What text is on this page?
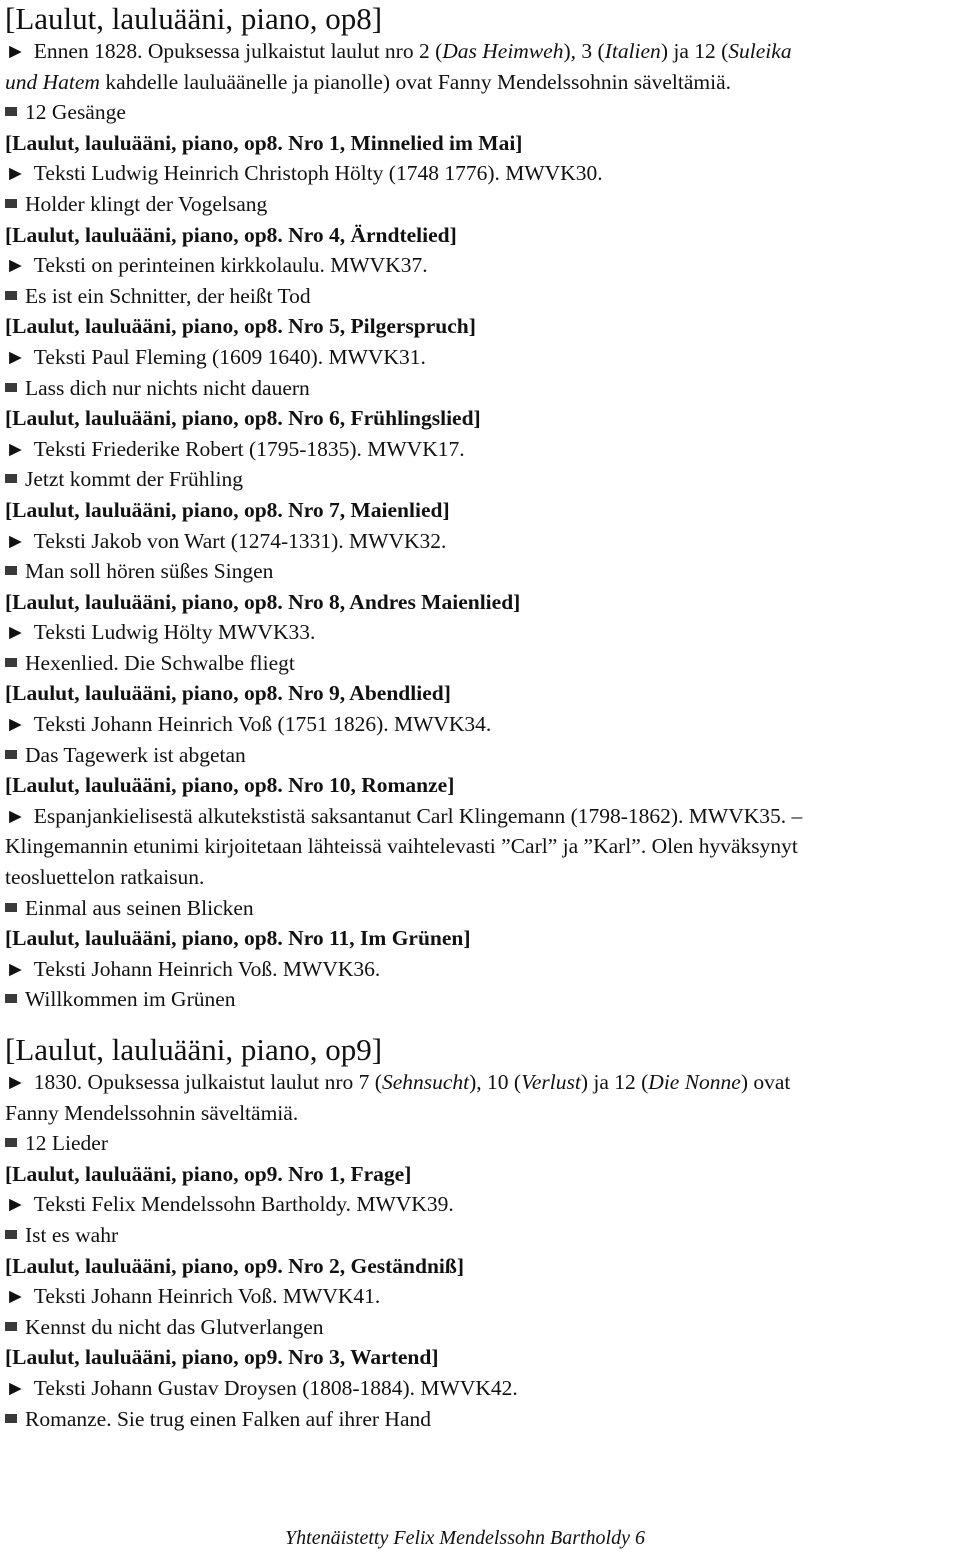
[Laulut, lauluääni, piano, op8]
► Ennen 1828. Opuksessa julkaistut laulut nro 2 (Das Heimweh), 3 (Italien) ja 12 (Suleika
und Hatem kahdelle lauluäänelle ja pianolle) ovat Fanny Mendelssohnin säveltämiä.
12 Gesänge
[Laulut, lauluääni, piano, op8. Nro 1, Minnelied im Mai]
► Teksti Ludwig Heinrich Christoph Hölty (1748 1776). MWVK30.
Holder klingt der Vogelsang
[Laulut, lauluääni, piano, op8. Nro 4, Ärndtelied]
► Teksti on perinteinen kirkkolaulu. MWVK37.
Es ist ein Schnitter, der heißt Tod
[Laulut, lauluääni, piano, op8. Nro 5, Pilgerspruch]
► Teksti Paul Fleming (1609 1640). MWVK31.
Lass dich nur nichts nicht dauern
[Laulut, lauluääni, piano, op8. Nro 6, Frühlingslied]
► Teksti Friederike Robert (1795-1835). MWVK17.
Jetzt kommt der Frühling
[Laulut, lauluääni, piano, op8. Nro 7, Maienlied]
► Teksti Jakob von Wart (1274-1331). MWVK32.
Man soll hören süßes Singen
[Laulut, lauluääni, piano, op8. Nro 8, Andres Maienlied]
► Teksti Ludwig Hölty MWVK33.
Hexenlied. Die Schwalbe fliegt
[Laulut, lauluääni, piano, op8. Nro 9, Abendlied]
► Teksti Johann Heinrich Voß (1751 1826). MWVK34.
Das Tagewerk ist abgetan
[Laulut, lauluääni, piano, op8. Nro 10, Romanze]
► Espanjankielisestä alkutekstistä saksantanut Carl Klingemann (1798-1862). MWVK35. –
Klingemannin etunimi kirjoitetaan lähteissä vaihtelevasti ”Carl” ja ”Karl”. Olen hyväksynyt
teosluettelon ratkaisun.
Einmal aus seinen Blicken
[Laulut, lauluääni, piano, op8. Nro 11, Im Grünen]
► Teksti Johann Heinrich Voß. MWVK36.
Willkommen im Grünen
[Laulut, lauluääni, piano, op9]
► 1830. Opuksessa julkaistut laulut nro 7 (Sehnsucht), 10 (Verlust) ja 12 (Die Nonne) ovat
Fanny Mendelssohnin säveltämiä.
12 Lieder
[Laulut, lauluääni, piano, op9. Nro 1, Frage]
► Teksti Felix Mendelssohn Bartholdy. MWVK39.
Ist es wahr
[Laulut, lauluääni, piano, op9. Nro 2, Geständniß]
► Teksti Johann Heinrich Voß. MWVK41.
Kennst du nicht das Glutverlangen
[Laulut, lauluääni, piano, op9. Nro 3, Wartend]
► Teksti Johann Gustav Droysen (1808-1884). MWVK42.
Romanze. Sie trug einen Falken auf ihrer Hand
Yhtenäistetty Felix Mendelssohn Bartholdy 6
